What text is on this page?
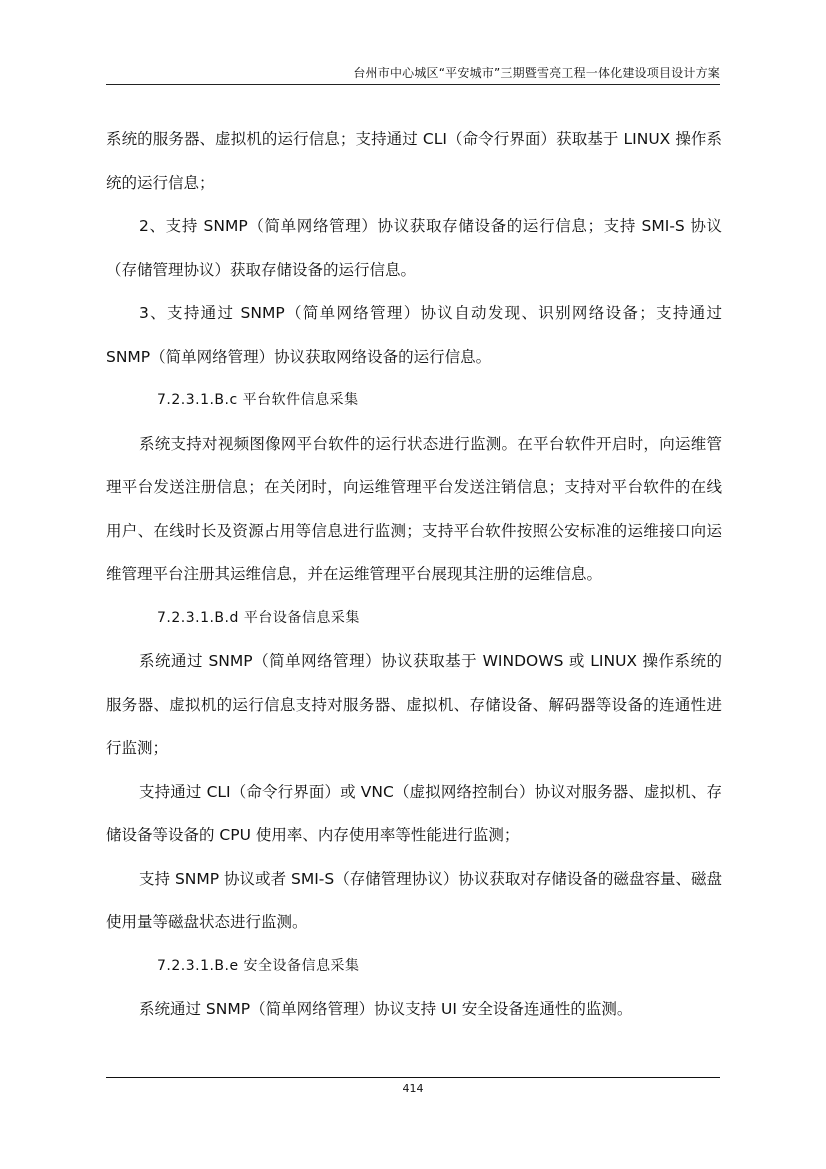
台州市中心城区“平安城市”三期暨雪亮工程一体化建设项目设计方案

系统的服务器、虚拟机的运行信息；支持通过 CLI（命令行界面）获取基于 LINUX 操作系统的运行信息；

2、支持 SNMP（简单网络管理）协议获取存储设备的运行信息；支持 SMI-S 协议（存储管理协议）获取存储设备的运行信息。

3、支持通过 SNMP（简单网络管理）协议自动发现、识别网络设备；支持通过 SNMP（简单网络管理）协议获取网络设备的运行信息。

7.2.3.1.B.c 平台软件信息采集

系统支持对视频图像网平台软件的运行状态进行监测。在平台软件开启时，向运维管理平台发送注册信息；在关闭时，向运维管理平台发送注销信息；支持对平台软件的在线用户、在线时长及资源占用等信息进行监测；支持平台软件按照公安标准的运维接口向运维管理平台注册其运维信息，并在运维管理平台展现其注册的运维信息。

7.2.3.1.B.d 平台设备信息采集

系统通过 SNMP（简单网络管理）协议获取基于 WINDOWS 或 LINUX 操作系统的服务器、虚拟机的运行信息支持对服务器、虚拟机、存储设备、解码器等设备的连通性进行监测；

支持通过 CLI（命令行界面）或 VNC（虚拟网络控制台）协议对服务器、虚拟机、存储设备等设备的 CPU 使用率、内存使用率等性能进行监测；

支持 SNMP 协议或者 SMI-S（存储管理协议）协议获取对存储设备的磁盘容量、磁盘使用量等磁盘状态进行监测。

7.2.3.1.B.e 安全设备信息采集

系统通过 SNMP（简单网络管理）协议支持 UI 安全设备连通性的监测。

414
